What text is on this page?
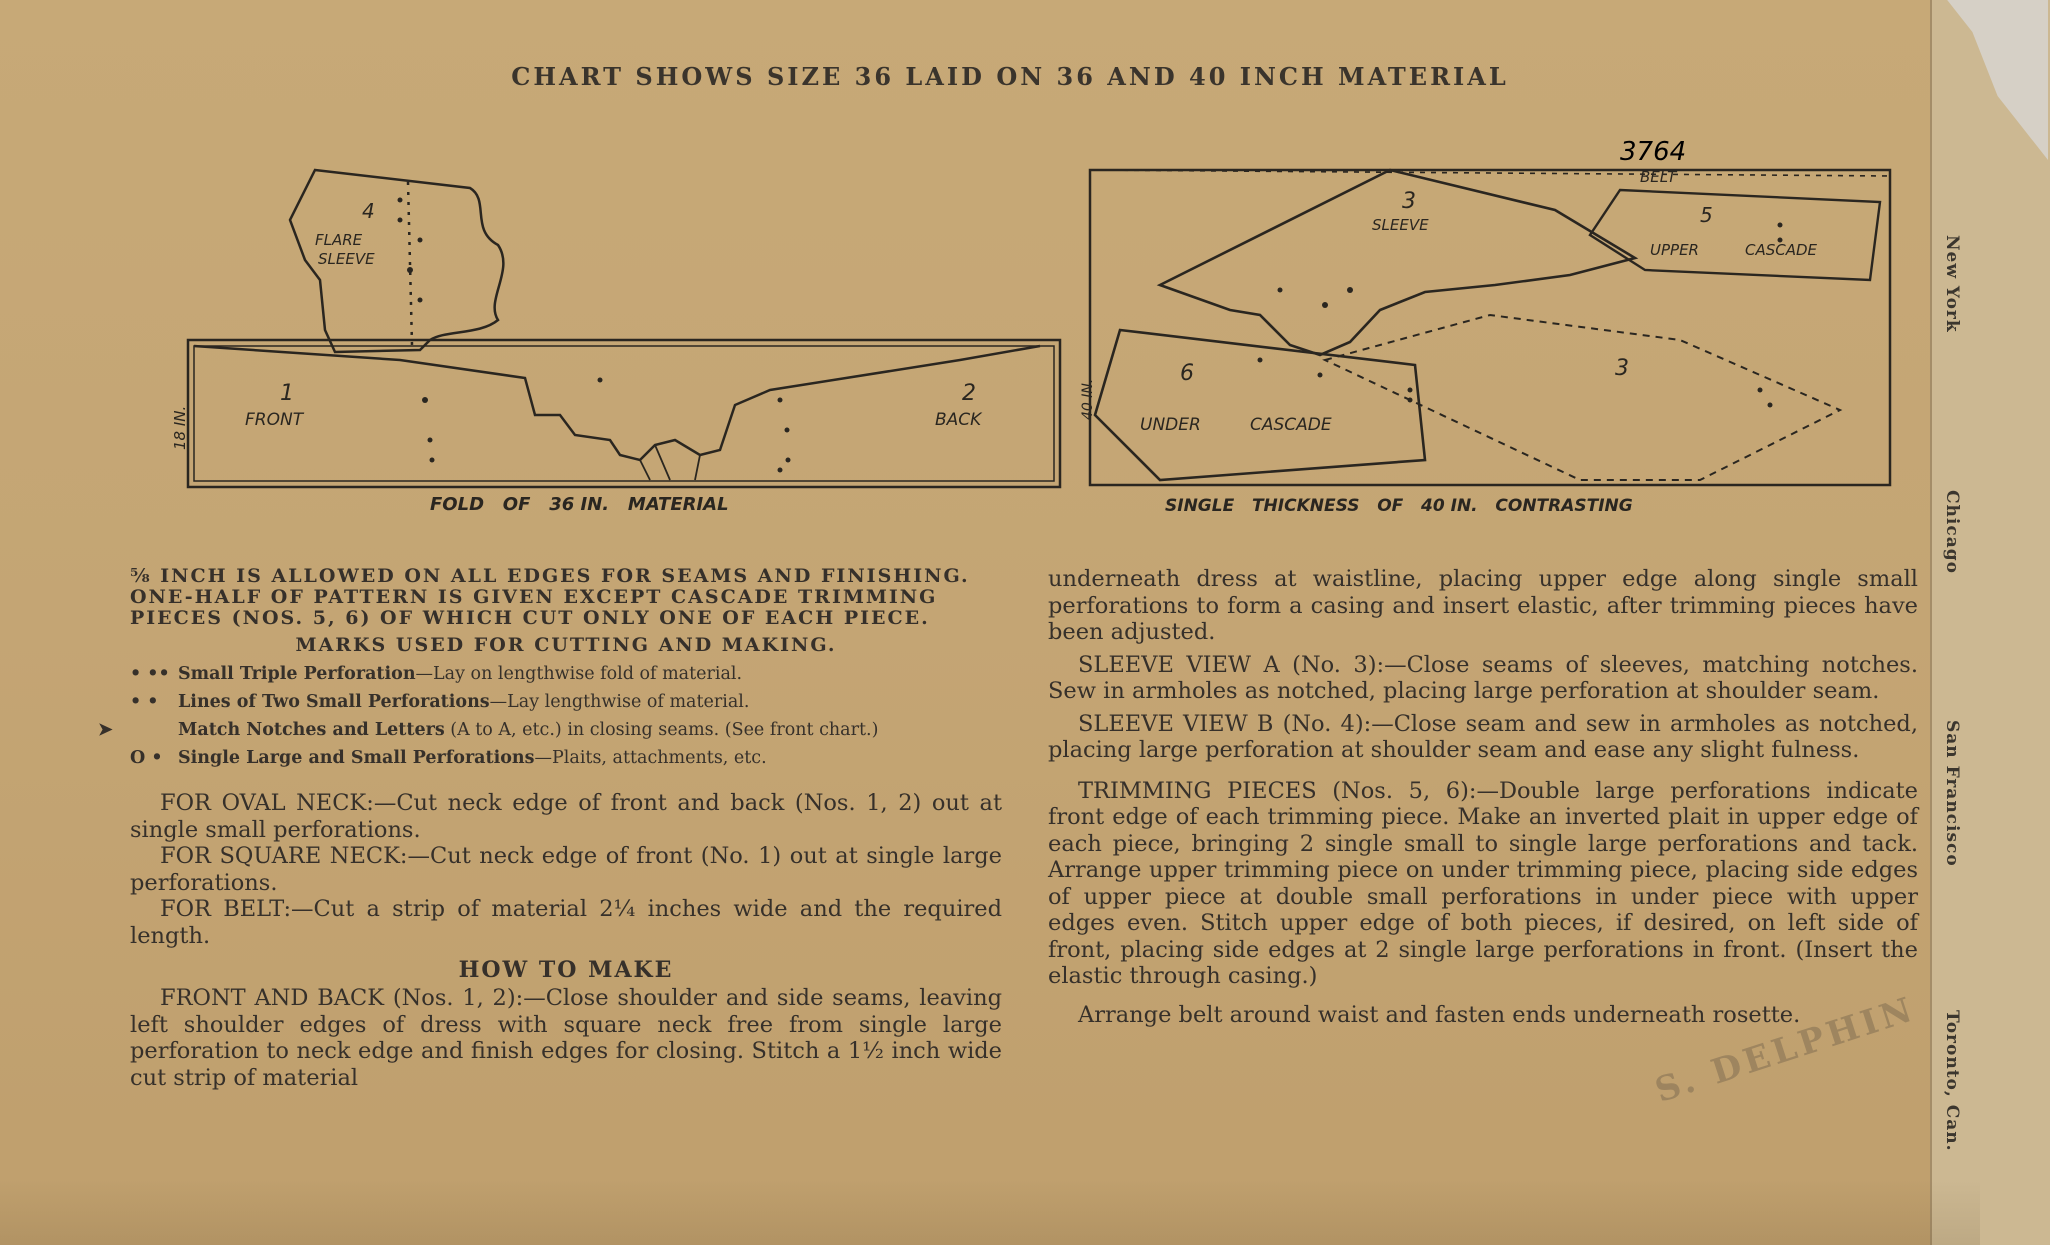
CHART SHOWS SIZE 36 LAID ON 36 AND 40 INCH MATERIAL
4
FLARE
SLEEVE
1
FRONT
2
BACK
18 IN.
FOLD   OF   36 IN.   MATERIAL
3764
BELT
3
SLEEVE	5
UPPER	CASCADE
6
UNDER	CASCADE
3
40 IN.
SINGLE   THICKNESS   OF   40 IN.   CONTRASTING
⅝ INCH IS ALLOWED ON ALL EDGES FOR SEAMS AND FINISHING. ONE-HALF OF PATTERN IS GIVEN EXCEPT CASCADE TRIMMING PIECES (NOS. 5, 6) OF WHICH CUT ONLY ONE OF EACH PIECE.
MARKS USED FOR CUTTING AND MAKING.
• •• Small Triple Perforation—Lay on lengthwise fold of material.
• • Lines of Two Small Perforations—Lay lengthwise of material.
➤	Match Notches and Letters (A to A, etc.) in closing seams. (See front chart.)
O • Single Large and Small Perforations—Plaits, attachments, etc.
FOR OVAL NECK:—Cut neck edge of front and back (Nos. 1, 2) out at single small perforations.
FOR SQUARE NECK:—Cut neck edge of front (No. 1) out at single large perforations.
FOR BELT:—Cut a strip of material 2¼ inches wide and the required length.
HOW TO MAKE
FRONT AND BACK (Nos. 1, 2):—Close shoulder and side seams, leaving left shoulder edges of dress with square neck free from single large perforation to neck edge and finish edges for closing. Stitch a 1½ inch wide cut strip of material
underneath dress at waistline, placing upper edge along single small perforations to form a casing and insert elastic, after trimming pieces have been adjusted.
SLEEVE VIEW A (No. 3):—Close seams of sleeves, matching notches. Sew in armholes as notched, placing large perforation at shoulder seam.
SLEEVE VIEW B (No. 4):—Close seam and sew in armholes as notched, placing large perforation at shoulder seam and ease any slight fulness.
TRIMMING PIECES (Nos. 5, 6):—Double large perforations indicate front edge of each trimming piece. Make an inverted plait in upper edge of each piece, bringing 2 single small to single large perforations and tack. Arrange upper trimming piece on under trimming piece, placing side edges of upper piece at double small perforations in under piece with upper edges even. Stitch upper edge of both pieces, if desired, on left side of front, placing side edges at 2 single large perforations in front. (Insert the elastic through casing.)
Arrange belt around waist and fasten ends underneath rosette.
S. DELPHIN
New York
Chicago
San Francisco
Toronto, Can.
